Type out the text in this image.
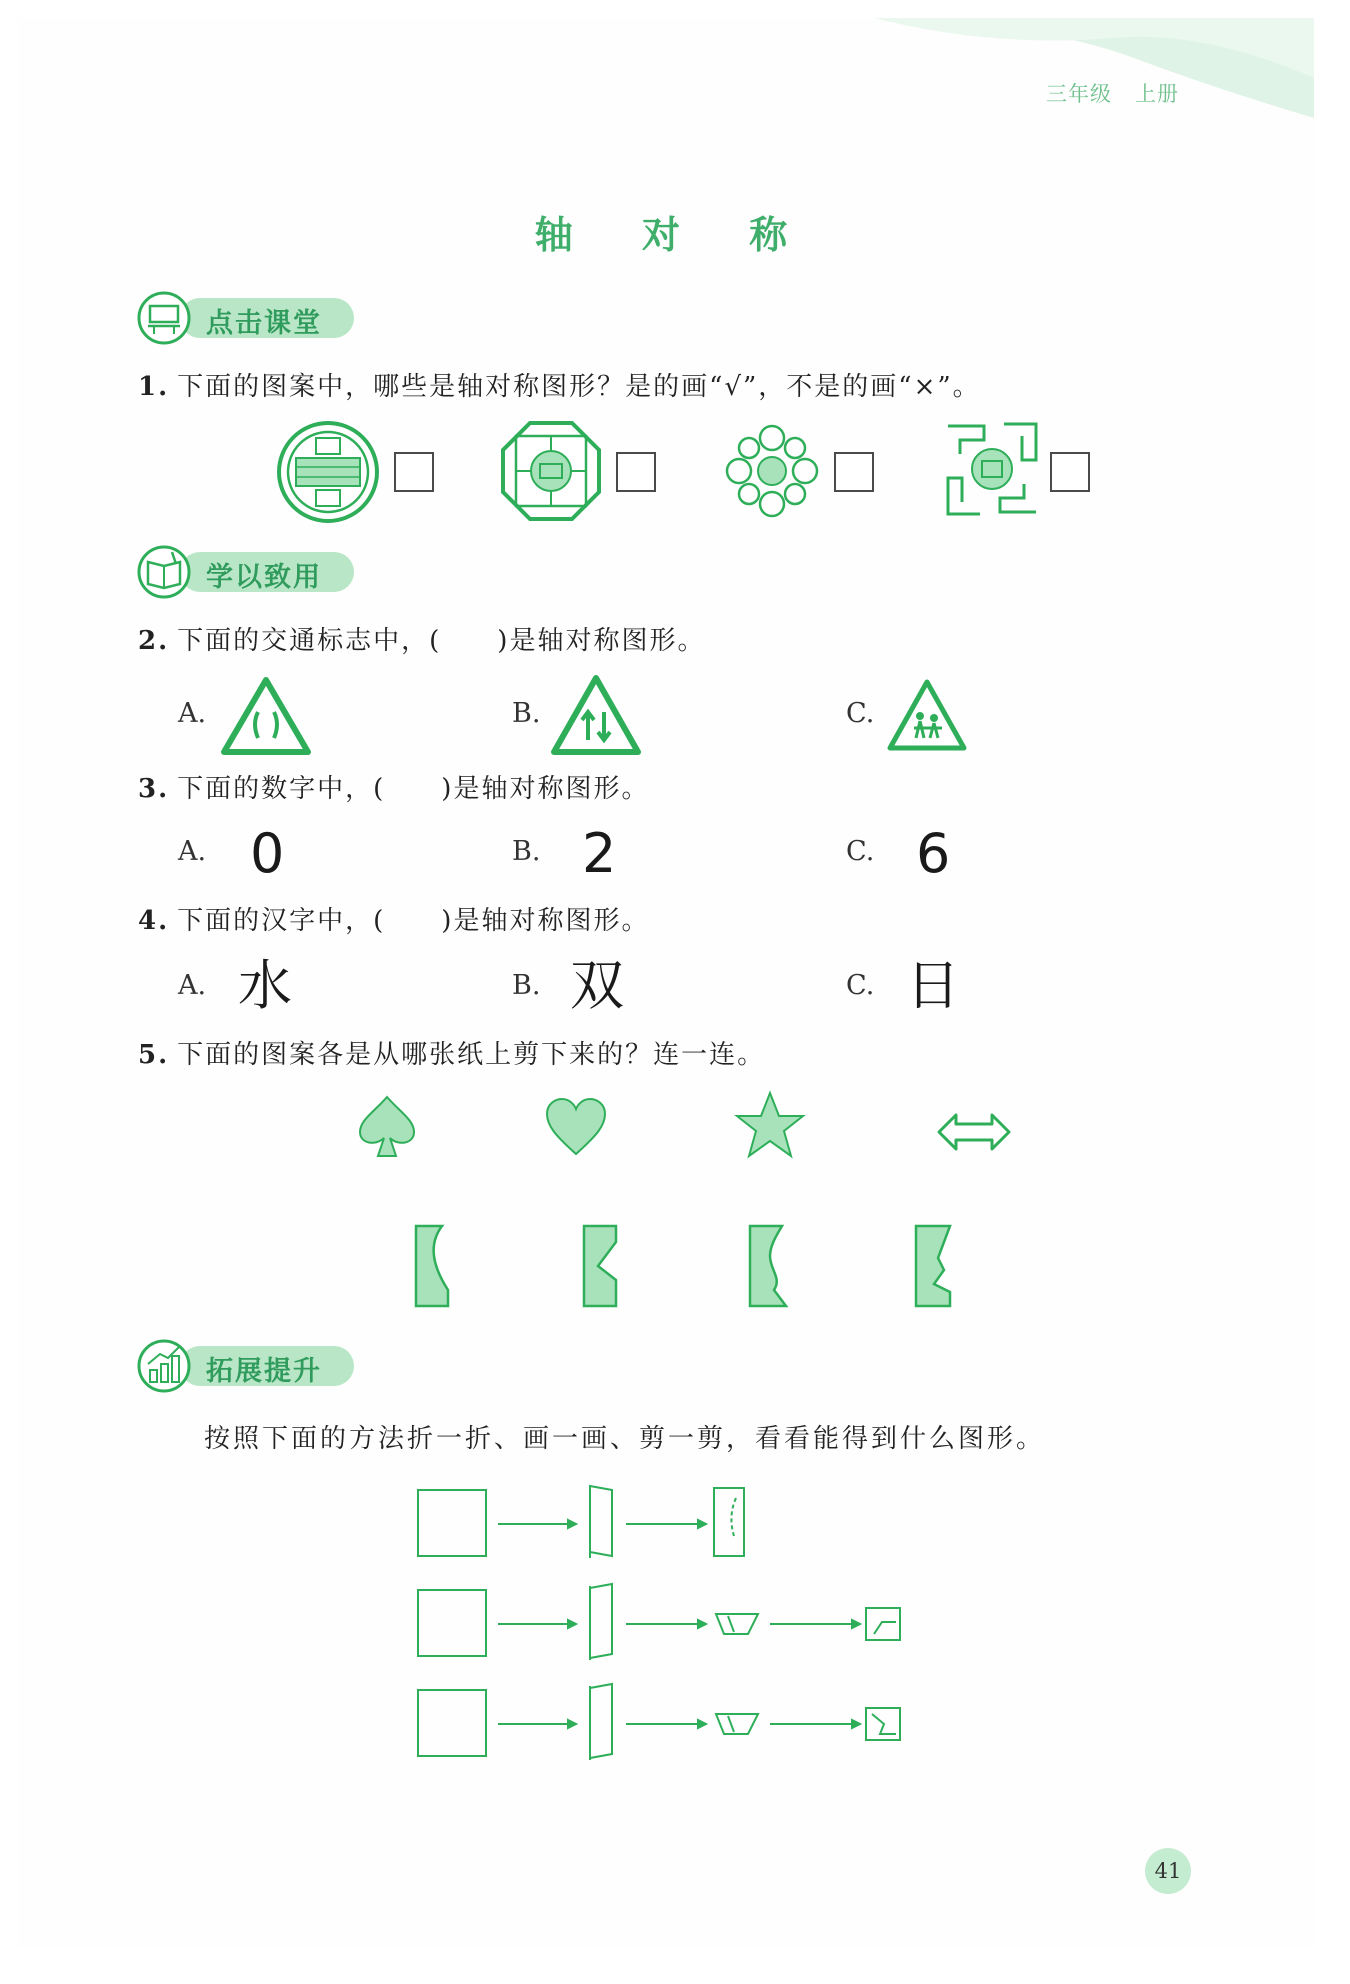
三年级 上册
轴 对 称
点击课堂
1. 下面的图案中，哪些是轴对称图形？是的画“√”，不是的画“×”。
学以致用
2. 下面的交通标志中，(　　)是轴对称图形。
A.	B.	C.
3. 下面的数字中，(　　)是轴对称图形。
A. 0	B. 2	C. 6
4. 下面的汉字中，(　　)是轴对称图形。
A. 水	B. 双	C. 日
5. 下面的图案各是从哪张纸上剪下来的？连一连。
拓展提升
按照下面的方法折一折、画一画、剪一剪，看看能得到什么图形。
41
